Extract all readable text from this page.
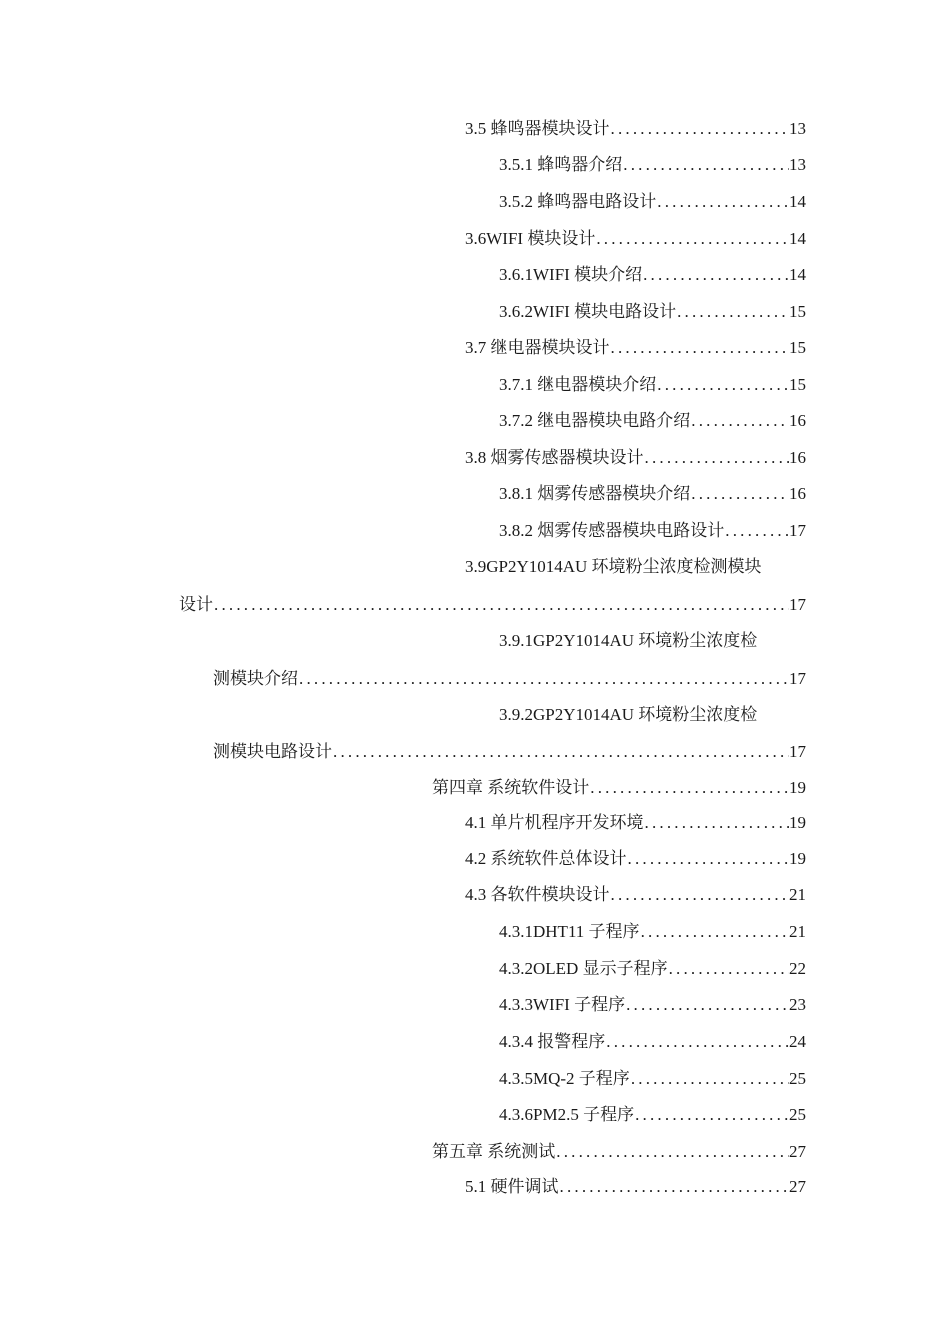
3.5 蜂鸣器模块设计 .....	13
3.5.1 蜂鸣器介绍 .....	13
3.5.2 蜂鸣器电路设计 .....	14
3.6WIFI 模块设计 .....	14
3.6.1WIFI 模块介绍 .....	14
3.6.2WIFI 模块电路设计 .....	15
3.7 继电器模块设计 .....	15
3.7.1 继电器模块介绍 .....	15
3.7.2 继电器模块电路介绍 .....	16
3.8 烟雾传感器模块设计 .....	16
3.8.1 烟雾传感器模块介绍 .....	16
3.8.2 烟雾传感器模块电路设计 .....	17
3.9GP2Y1014AU 环境粉尘浓度检测模块
设计 .....	17
3.9.1GP2Y1014AU 环境粉尘浓度检
测模块介绍 .....	17
3.9.2GP2Y1014AU 环境粉尘浓度检
测模块电路设计 .....	17
第四章 系统软件设计 .....	19
4.1 单片机程序开发环境 .....	19
4.2 系统软件总体设计 .....	19
4.3 各软件模块设计 .....	21
4.3.1DHT11 子程序 .....	21
4.3.2OLED 显示子程序 .....	22
4.3.3WIFI 子程序 .....	23
4.3.4 报警程序 .....	24
4.3.5MQ-2 子程序 .....	25
4.3.6PM2.5 子程序 .....	25
第五章 系统测试 .....	27
5.1 硬件调试 .....	27
